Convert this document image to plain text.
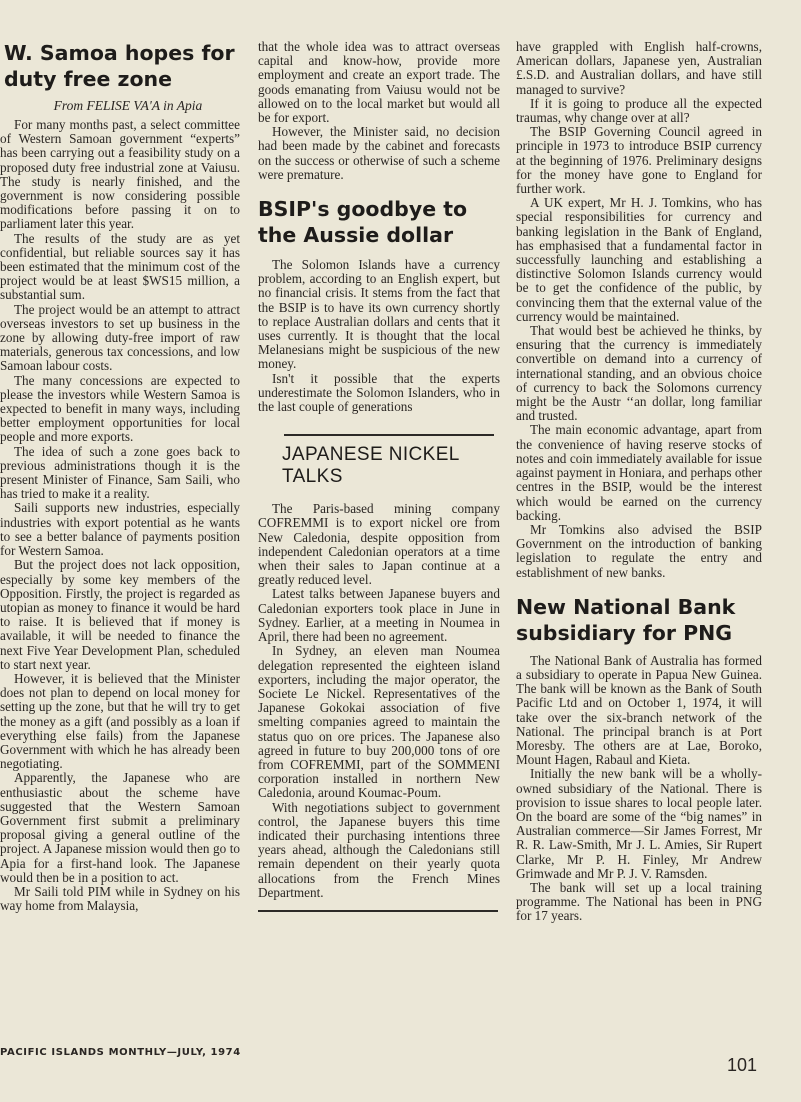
W. Samoa hopes for duty free zone
From FELISE VA'A in Apia

For many months past, a select committee of Western Samoan government “experts” has been carrying out a feasibility study on a proposed duty free industrial zone at Vaiusu. The study is nearly finished, and the government is now considering possible modifications before passing it on to parliament later this year.

The results of the study are as yet confidential, but reliable sources say it has been estimated that the minimum cost of the project would be at least $WS15 million, a substantial sum.

The project would be an attempt to attract overseas investors to set up business in the zone by allowing duty-free import of raw materials, generous tax concessions, and low Samoan labour costs.

The many concessions are expected to please the investors while Western Samoa is expected to benefit in many ways, including better employment opportunities for local people and more exports.

The idea of such a zone goes back to previous administrations though it is the present Minister of Finance, Sam Saili, who has tried to make it a reality.

Saili supports new industries, especially industries with export potential as he wants to see a better balance of payments position for Western Samoa.

But the project does not lack opposition, especially by some key members of the Opposition. Firstly, the project is regarded as utopian as money to finance it would be hard to raise. It is believed that if money is available, it will be needed to finance the next Five Year Development Plan, scheduled to start next year.

However, it is believed that the Minister does not plan to depend on local money for setting up the zone, but that he will try to get the money as a gift (and possibly as a loan if everything else fails) from the Japanese Government with which he has already been negotiating.

Apparently, the Japanese who are enthusiastic about the scheme have suggested that the Western Samoan Government first submit a preliminary proposal giving a general outline of the project. A Japanese mission would then go to Apia for a first-hand look. The Japanese would then be in a position to act.

Mr Saili told PIM while in Sydney on his way home from Malaysia,

that the whole idea was to attract overseas capital and know-how, provide more employment and create an export trade. The goods emanating from Vaiusu would not be allowed on to the local market but would all be for export.

However, the Minister said, no decision had been made by the cabinet and forecasts on the success or otherwise of such a scheme were premature.

BSIP's goodbye to the Aussie dollar

The Solomon Islands have a currency problem, according to an English expert, but no financial crisis. It stems from the fact that the BSIP is to have its own currency shortly to replace Australian dollars and cents that it uses currently. It is thought that the local Melanesians might be suspicious of the new money.

Isn't it possible that the experts underestimate the Solomon Islanders, who in the last couple of generations

JAPANESE NICKEL TALKS

The Paris-based mining company COFREMMI is to export nickel ore from New Caledonia, despite opposition from independent Caledonian operators at a time when their sales to Japan continue at a greatly reduced level.

Latest talks between Japanese buyers and Caledonian exporters took place in June in Sydney. Earlier, at a meeting in Noumea in April, there had been no agreement.

In Sydney, an eleven man Noumea delegation represented the eighteen island exporters, including the major operator, the Societe Le Nickel. Representatives of the Japanese Gokokai association of five smelting companies agreed to maintain the status quo on ore prices. The Japanese also agreed in future to buy 200,000 tons of ore from COFREMMI, part of the SOMMENI corporation installed in northern New Caledonia, around Koumac-Poum.

With negotiations subject to government control, the Japanese buyers this time indicated their purchasing intentions three years ahead, although the Caledonians still remain dependent on their yearly quota allocations from the French Mines Department.

have grappled with English half-crowns, American dollars, Japanese yen, Australian £.S.D. and Australian dollars, and have still managed to survive?

If it is going to produce all the expected traumas, why change over at all?

The BSIP Governing Council agreed in principle in 1973 to introduce BSIP currency at the beginning of 1976. Preliminary designs for the money have gone to England for further work.

A UK expert, Mr H. J. Tomkins, who has special responsibilities for currency and banking legislation in the Bank of England, has emphasised that a fundamental factor in successfully launching and establishing a distinctive Solomon Islands currency would be to get the confidence of the public, by convincing them that the external value of the currency would be maintained.

That would best be achieved he thinks, by ensuring that the currency is immediately convertible on demand into a currency of international standing, and an obvious choice of currency to back the Solomons currency might be the Austr ‘‘an dollar, long familiar and trusted.

The main economic advantage, apart from the convenience of having reserve stocks of notes and coin immediately available for issue against payment in Honiara, and perhaps other centres in the BSIP, would be the interest which would be earned on the currency backing.

Mr Tomkins also advised the BSIP Government on the introduction of banking legislation to regulate the entry and establishment of new banks.

New National Bank subsidiary for PNG

The National Bank of Australia has formed a subsidiary to operate in Papua New Guinea. The bank will be known as the Bank of South Pacific Ltd and on October 1, 1974, it will take over the six-branch network of the National. The principal branch is at Port Moresby. The others are at Lae, Boroko, Mount Hagen, Rabaul and Kieta.

Initially the new bank will be a wholly-owned subsidiary of the National. There is provision to issue shares to local people later. On the board are some of the “big names” in Australian commerce—Sir James Forrest, Mr R. R. Law-Smith, Mr J. L. Amies, Sir Rupert Clarke, Mr P. H. Finley, Mr Andrew Grimwade and Mr P. J. V. Ramsden.

The bank will set up a local training programme. The National has been in PNG for 17 years.

PACIFIC ISLANDS MONTHLY—JULY, 1974
101
